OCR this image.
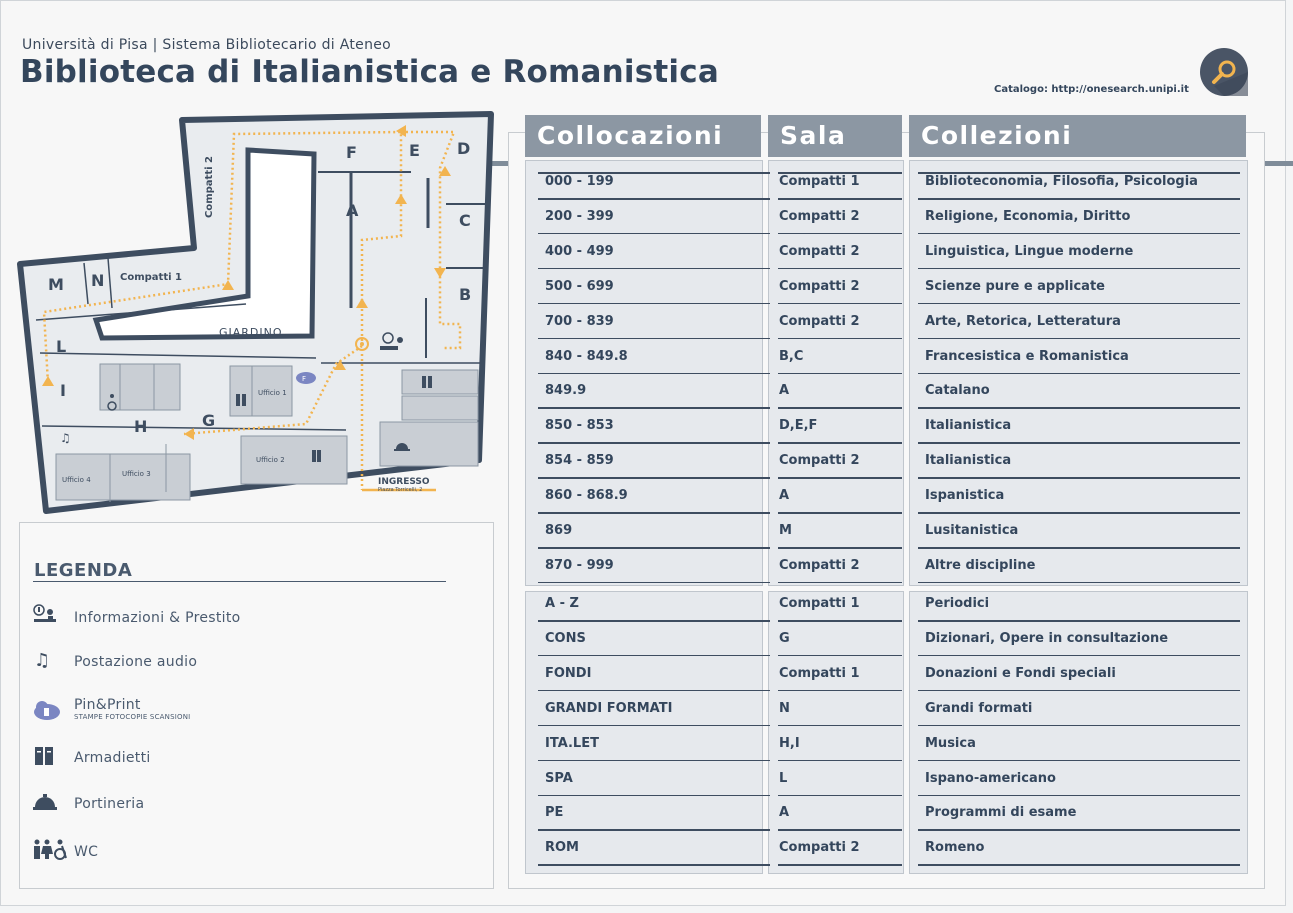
Università di Pisa | Sistema Bibliotecario di Ateneo
Biblioteca di Italianistica e Romanistica	Catalogo: http://onesearch.unipi.it
F	E D
C
B
A
M N
L
I
H	G
Compatti 1
Compatti 2
GIARDINO
Ufficio 1
Ufficio 2
Ufficio 3
Ufficio 4	INGRESSO
Piazza Torricelli, 2
♫
F
LEGENDA
Informazioni & Prestito
♫ Postazione audio
Pin&Print
STAMPE FOTOCOPIE SCANSIONI
Armadietti
Portineria
WC
Collocazioni	Sala	Collezioni
000 - 199	Compatti 1	Biblioteconomia, Filosofia, Psicologia
200 - 399	Compatti 2	Religione, Economia, Diritto
400 - 499	Compatti 2	Linguistica, Lingue moderne
500 - 699	Compatti 2	Scienze pure e applicate
700 - 839	Compatti 2	Arte, Retorica, Letteratura
840 - 849.8	B,C	Francesistica e Romanistica
849.9	A	Catalano
850 - 853	D,E,F	Italianistica
854 - 859	Compatti 2	Italianistica
860 - 868.9	A	Ispanistica
869	M	Lusitanistica
870 - 999	Compatti 2	Altre discipline
A - Z	Compatti 1	Periodici
CONS	G	Dizionari, Opere in consultazione
FONDI	Compatti 1	Donazioni e Fondi speciali
GRANDI FORMATI	N	Grandi formati
ITA.LET	H,I	Musica
SPA	L	Ispano-americano
PE	A	Programmi di esame
ROM	Compatti 2	Romeno
